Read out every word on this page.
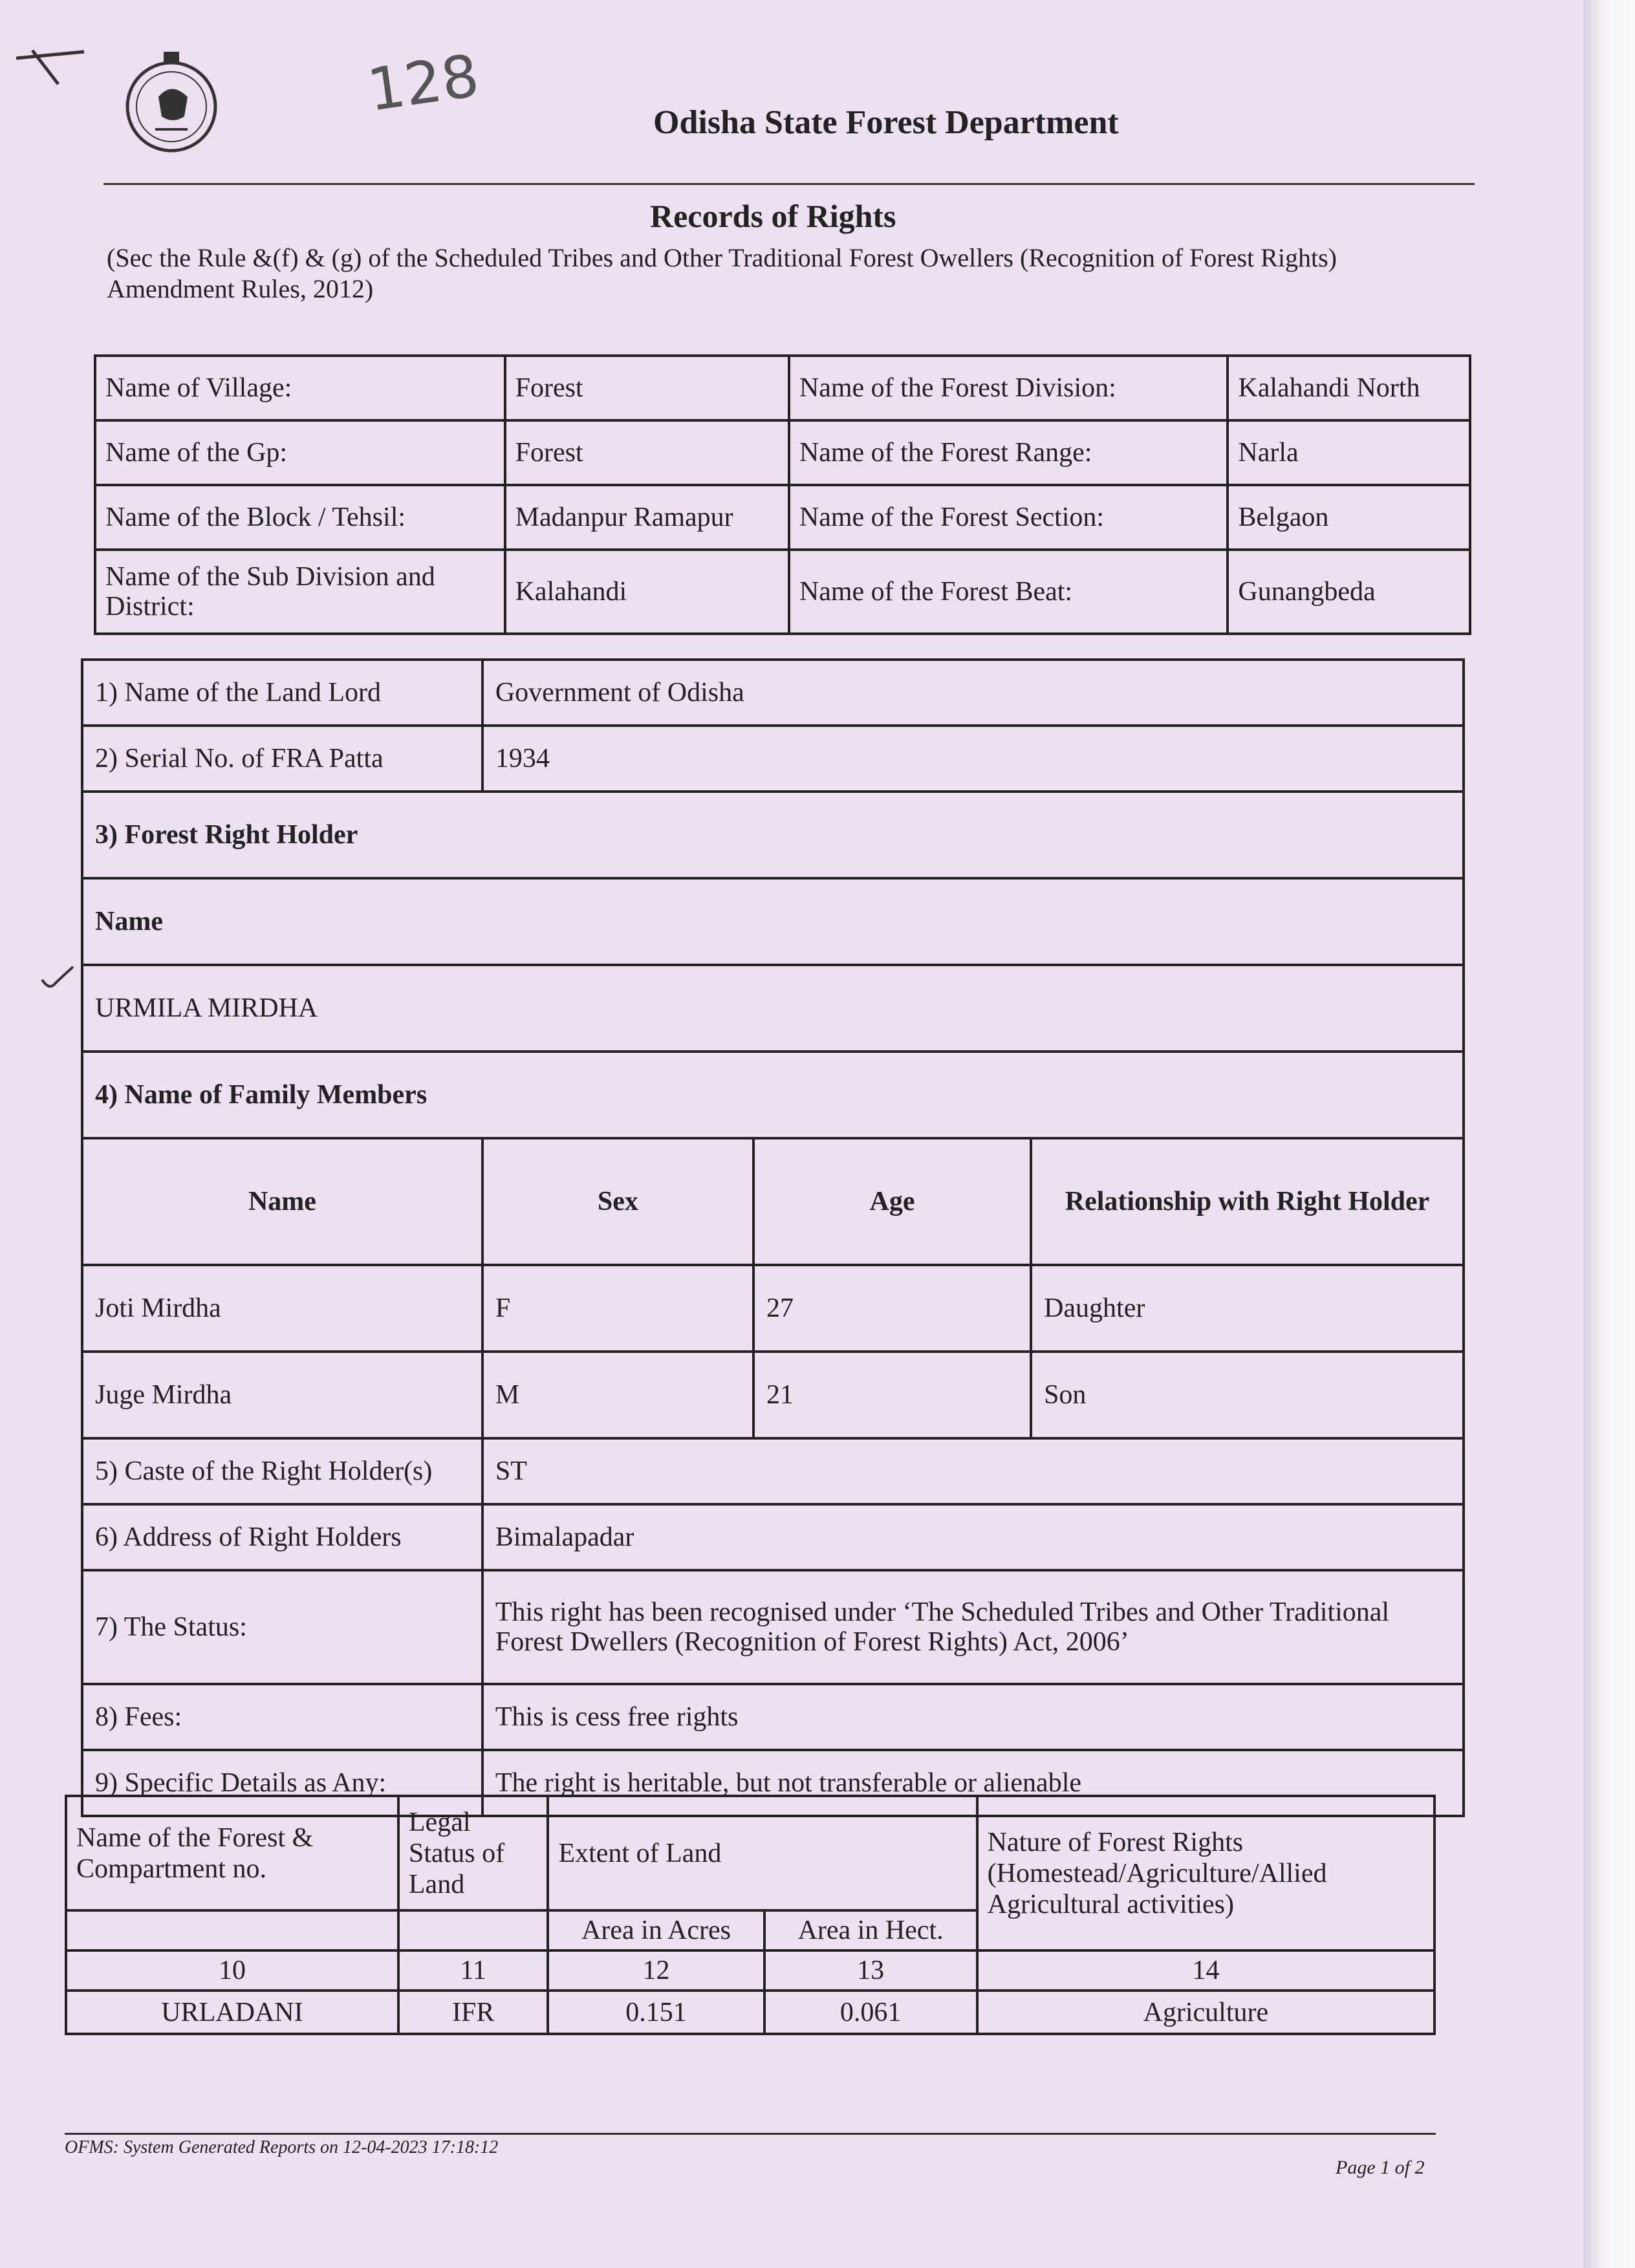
128	Odisha State Forest Department
Records of Rights
(Sec the Rule &(f) & (g) of the Scheduled Tribes and Other Traditional Forest Owellers (Recognition of Forest Rights) Amendment Rules, 2012)
Name of Village:	Forest	Name of the Forest Division:	Kalahandi North
Name of the Gp:	Forest	Name of the Forest Range:	Narla
Name of the Block / Tehsil:	Madanpur Ramapur	Name of the Forest Section:	Belgaon
Name of the Sub Division and District:	Kalahandi	Name of the Forest Beat:	Gunangbeda
1) Name of the Land Lord	Government of Odisha		
2) Serial No. of FRA Patta	1934		
3) Forest Right Holder			
Name			
URMILA MIRDHA			
4) Name of Family Members			
Name	Sex	Age	Relationship with Right Holder
Joti Mirdha	F	27	Daughter
Juge Mirdha	M	21	Son
5) Caste of the Right Holder(s)	ST		
6) Address of Right Holders	Bimalapadar		
7) The Status:	This right has been recognised under ‘The Scheduled Tribes and Other Traditional
Forest Dwellers (Recognition of Forest Rights) Act, 2006’		

8) Fees:	This is cess free rights		
9) Specific Details as Any:	The right is heritable, but not transferable or alienable		
Name of the Forest & Compartment no.	Legal Status of Land	Extent of Land		Nature of Forest Rights (Homestead/Agriculture/Allied Agricultural activities)
		Area in Acres	Area in Hect.	
10	11	12	13	14
URLADANI	IFR	0.151	0.061	Agriculture
OFMS: System Generated Reports on 12-04-2023 17:18:12
Page 1 of 2
